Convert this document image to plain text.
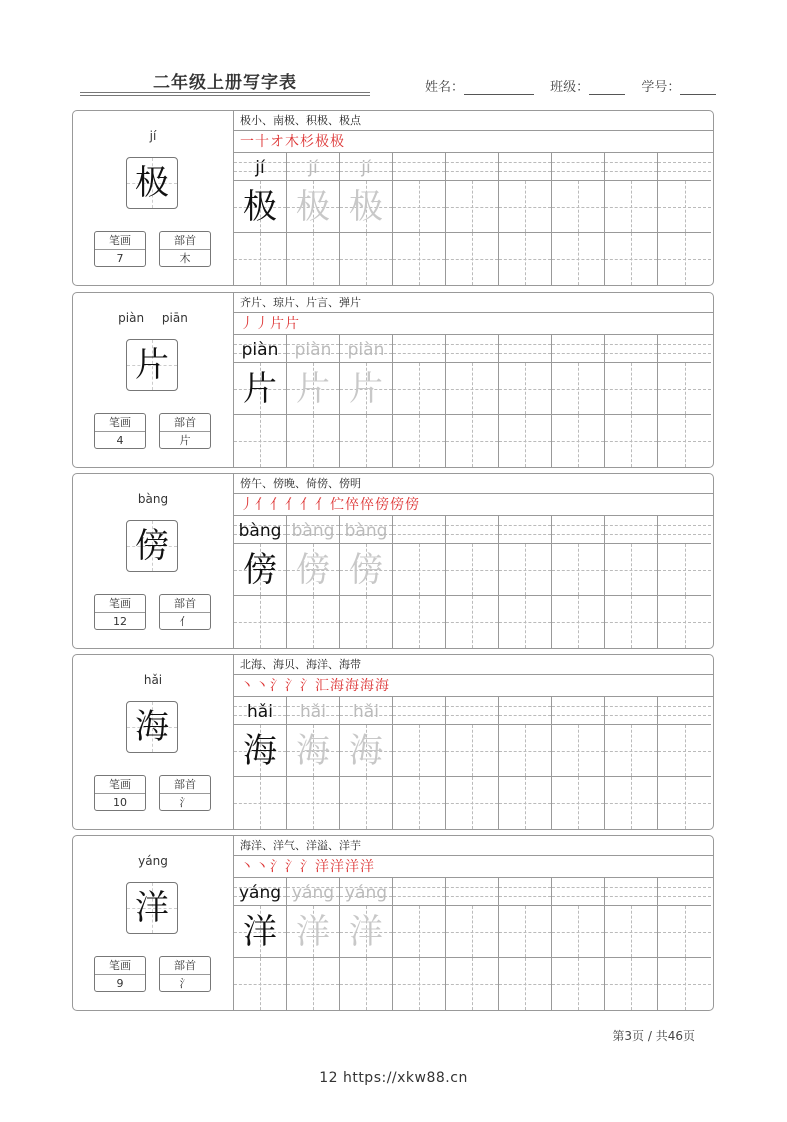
二年级上册写字表	姓名：	班级：	学号：
jí
极
笔画
7
部首
木
极小、南极、积极、极点
一十オ木杉极极
jí
极
jí
极
jí
极
piàn piān
片
笔画
4
部首
片
齐片、琼片、片言、弹片
丿丿片片
piàn
片
piàn
片
piàn
片
bàng
傍
笔画
12
部首
亻
傍午、傍晚、倚傍、傍明
丿亻亻亻亻亻伫倅倅傍傍傍
bàng
傍
bàng
傍
bàng
傍
hǎi
海
笔画
10
部首
氵
北海、海贝、海洋、海带
丶丶氵氵氵汇海海海海
hǎi
海
hǎi
海
hǎi
海
yáng
洋
笔画
9
部首
氵
海洋、洋气、洋溢、洋芋
丶丶氵氵氵洋洋洋洋
yáng
洋
yáng
洋
yáng
洋
第3页 / 共46页
12 https://xkw88.cn
